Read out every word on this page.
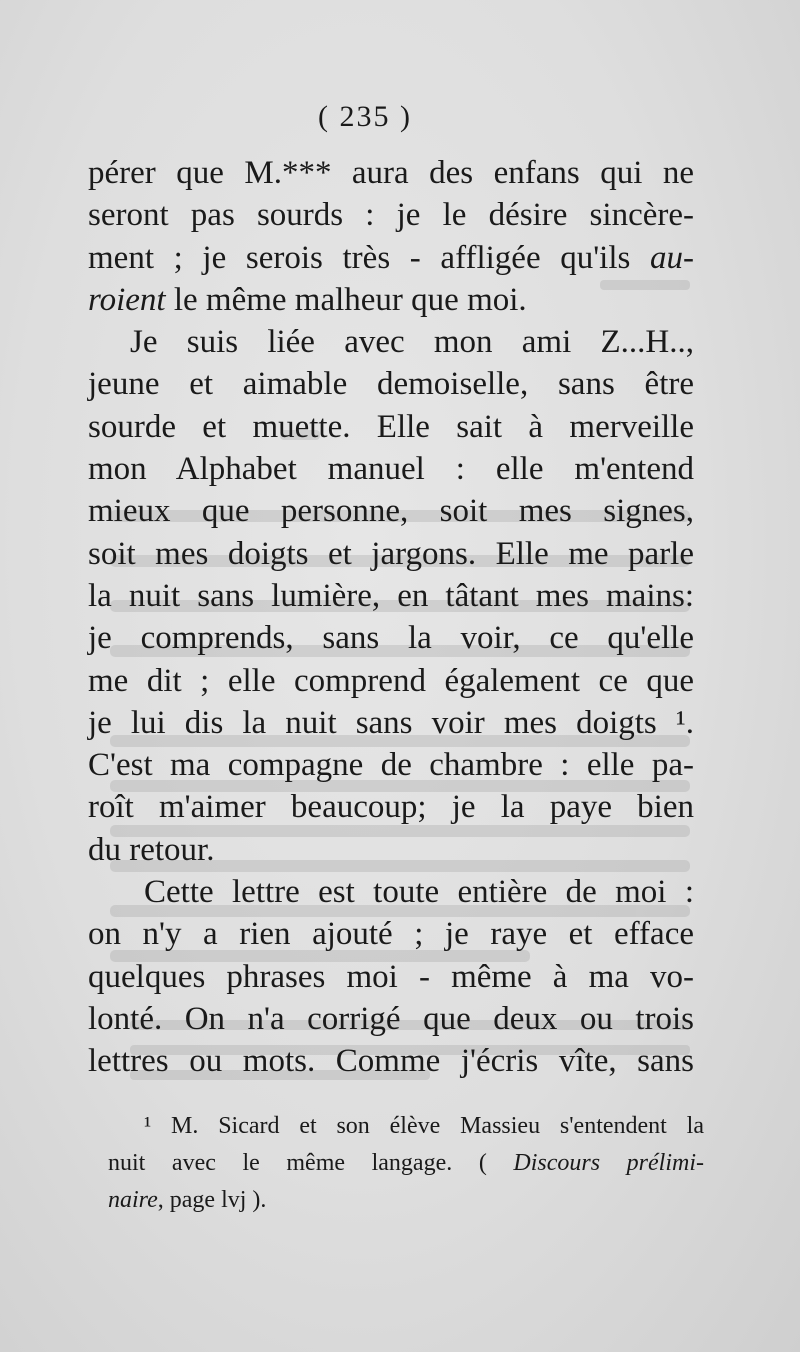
( 235 )
pérer que M.*** aura des enfans qui ne
seront pas sourds : je le désire sincère-
ment ; je serois très - affligée qu'ils au-
roient le même malheur que moi.
Je suis liée avec mon ami Z...H..,
jeune et aimable demoiselle, sans être
sourde et muette. Elle sait à merveille
mon Alphabet manuel : elle m'entend
mieux que personne, soit mes signes,
soit mes doigts et jargons. Elle me parle
la nuit sans lumière, en tâtant mes mains:
je comprends, sans la voir, ce qu'elle
me dit ; elle comprend également ce que
je lui dis la nuit sans voir mes doigts ¹.
C'est ma compagne de chambre : elle pa-
roît m'aimer beaucoup; je la paye bien
du retour.
Cette lettre est toute entière de moi :
on n'y a rien ajouté ; je raye et efface
quelques phrases moi - même à ma vo-
lonté. On n'a corrigé que deux ou trois
lettres ou mots. Comme j'écris vîte, sans
¹ M. Sicard et son élève Massieu s'entendent la
nuit avec le même langage. ( Discours prélimi-
naire, page lvj ).
